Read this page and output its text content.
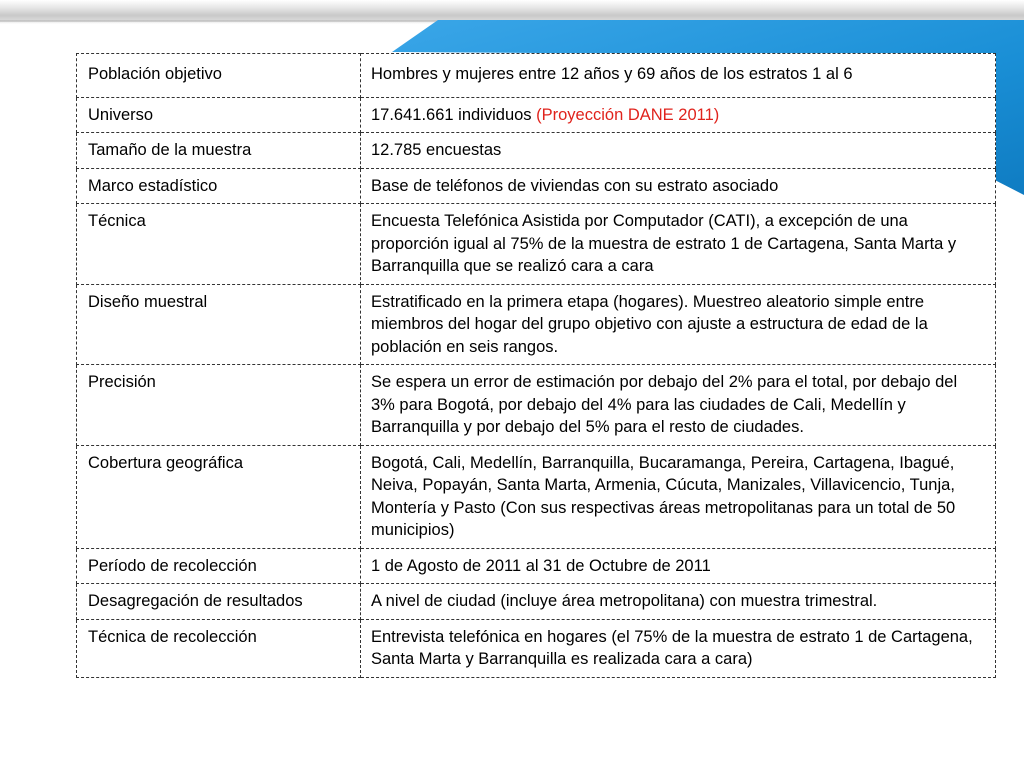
Población objetivo	Hombres y mujeres entre 12 años y 69 años de los estratos 1 al 6
Universo	17.641.661 individuos (Proyección DANE 2011)
Tamaño de la muestra	12.785 encuestas
Marco estadístico	Base de teléfonos de viviendas con su estrato asociado
Técnica	Encuesta Telefónica Asistida por Computador (CATI), a excepción de una proporción igual al 75% de la muestra de estrato 1 de Cartagena, Santa Marta y Barranquilla que se realizó cara a cara
Diseño muestral	Estratificado en la primera etapa (hogares). Muestreo aleatorio simple entre miembros del hogar del grupo objetivo con ajuste a estructura de edad de la población en seis rangos.
Precisión	Se espera un error de estimación por debajo del 2% para el total, por debajo del 3% para Bogotá, por debajo del 4% para las ciudades de Cali, Medellín y Barranquilla y por debajo del 5% para el resto de ciudades.
Cobertura geográfica	Bogotá, Cali, Medellín, Barranquilla, Bucaramanga, Pereira, Cartagena, Ibagué, Neiva, Popayán, Santa Marta, Armenia, Cúcuta, Manizales, Villavicencio, Tunja, Montería y Pasto (Con sus respectivas áreas metropolitanas para un total de 50 municipios)
Período de recolección	1 de Agosto de 2011 al 31 de Octubre de 2011
Desagregación de resultados	A nivel de ciudad (incluye área metropolitana) con muestra trimestral.
Técnica de recolección	Entrevista telefónica en hogares (el 75% de la muestra de estrato 1 de Cartagena, Santa Marta y Barranquilla es realizada cara a cara)
